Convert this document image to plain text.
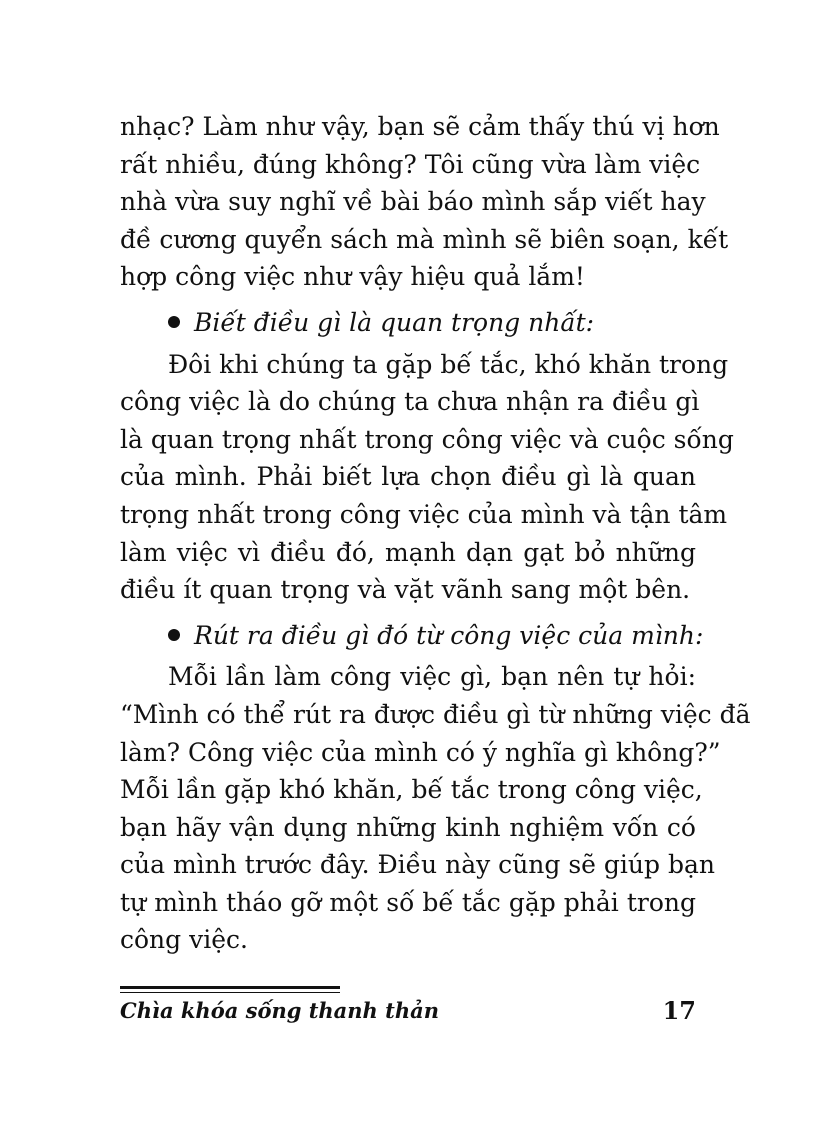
nhạc? Làm như vậy, bạn sẽ cảm thấy thú vị hơn
rất nhiều, đúng không? Tôi cũng vừa làm việc
nhà vừa suy nghĩ về bài báo mình sắp viết hay
đề cương quyển sách mà mình sẽ biên soạn, kết
hợp công việc như vậy hiệu quả lắm!
Biết điều gì là quan trọng nhất:
Đôi khi chúng ta gặp bế tắc, khó khăn trong
công việc là do chúng ta chưa nhận ra điều gì
là quan trọng nhất trong công việc và cuộc sống
của mình. Phải biết lựa chọn điều gì là quan
trọng nhất trong công việc của mình và tận tâm
làm việc vì điều đó, mạnh dạn gạt bỏ những
điều ít quan trọng và vặt vãnh sang một bên.
Rút ra điều gì đó từ công việc của mình:
Mỗi lần làm công việc gì, bạn nên tự hỏi:
“Mình có thể rút ra được điều gì từ những việc đã
làm? Công việc của mình có ý nghĩa gì không?”
Mỗi lần gặp khó khăn, bế tắc trong công việc,
bạn hãy vận dụng những kinh nghiệm vốn có
của mình trước đây. Điều này cũng sẽ giúp bạn
tự mình tháo gỡ một số bế tắc gặp phải trong
công việc.
Chìa khóa sống thanh thản	17
